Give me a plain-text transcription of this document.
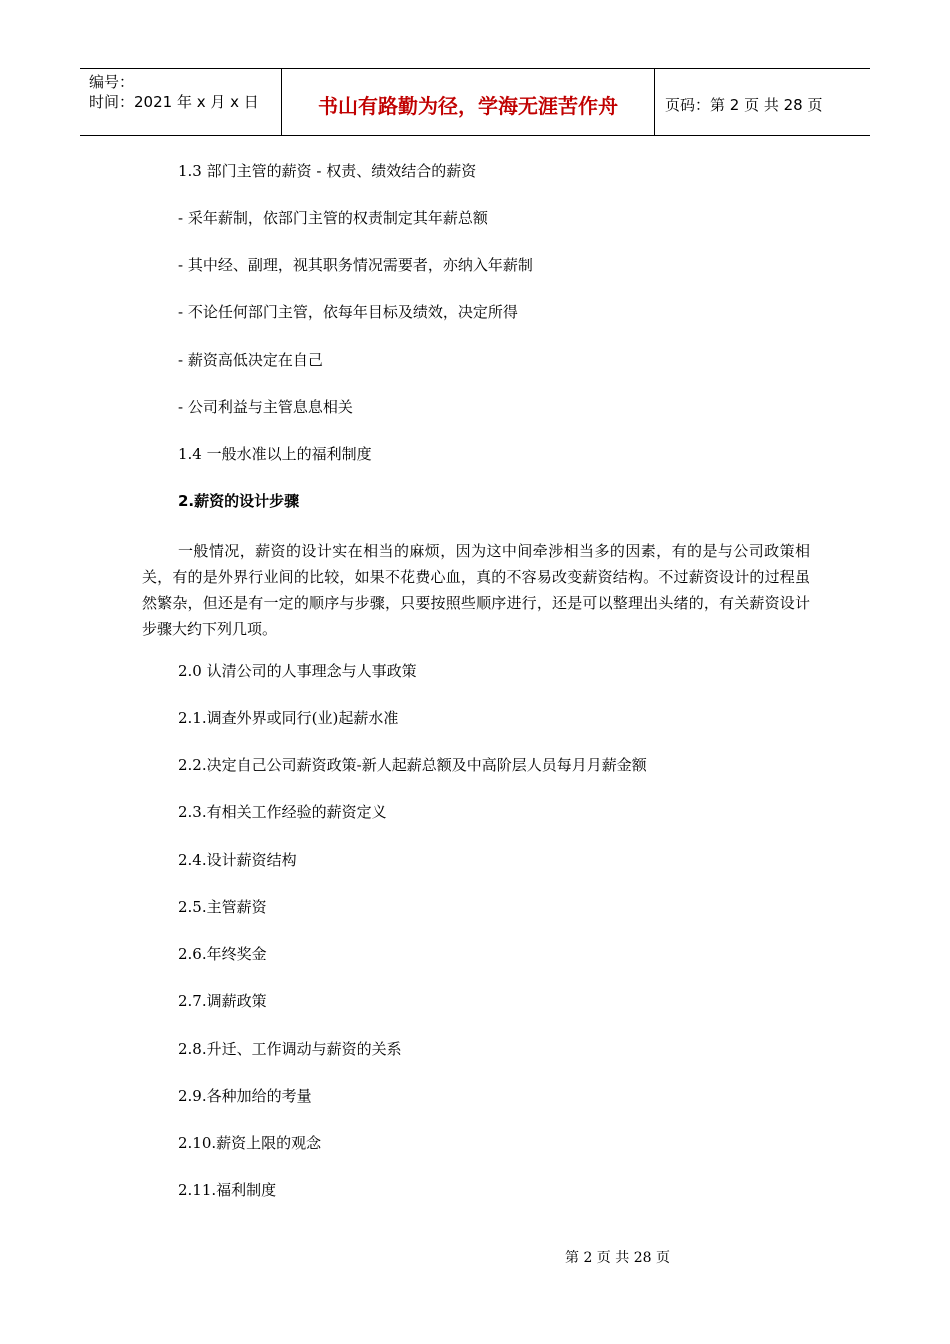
编号：
时间：2021 年 x 月 x 日	书山有路勤为径，学海无涯苦作舟	页码：第 2 页 共 28 页
1.3 部门主管的薪资 - 权责、绩效结合的薪资
- 采年薪制，依部门主管的权责制定其年薪总额
- 其中经、副理，视其职务情况需要者，亦纳入年薪制
- 不论任何部门主管，依每年目标及绩效，决定所得
- 薪资高低决定在自己
- 公司利益与主管息息相关
1.4 一般水准以上的福利制度
2.薪资的设计步骤
一般情况，薪资的设计实在相当的麻烦，因为这中间牵涉相当多的因素，有的是与公司政策相关，有的是外界行业间的比较，如果不花费心血，真的不容易改变薪资结构。不过薪资设计的过程虽然繁杂，但还是有一定的顺序与步骤，只要按照些顺序进行，还是可以整理出头绪的，有关薪资设计步骤大约下列几项。
2.0 认清公司的人事理念与人事政策
2.1.调查外界或同行(业)起薪水准
2.2.决定自己公司薪资政策-新人起薪总额及中高阶层人员每月月薪金额
2.3.有相关工作经验的薪资定义
2.4.设计薪资结构
2.5.主管薪资
2.6.年终奖金
2.7.调薪政策
2.8.升迁、工作调动与薪资的关系
2.9.各种加给的考量
2.10.薪资上限的观念
2.11.福利制度
第 2 页 共 28 页
